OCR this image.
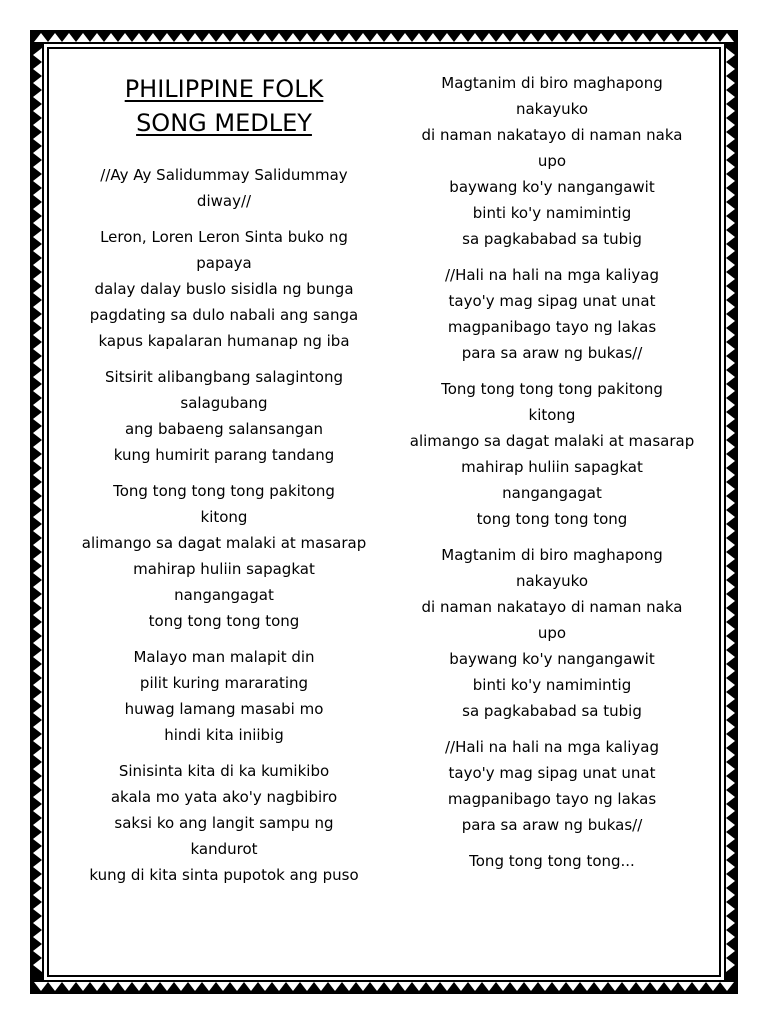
PHILIPPINE FOLK
SONG MEDLEY
//Ay Ay Salidummay Salidummay
diway//
Leron, Loren Leron Sinta buko ng
papaya
dalay dalay buslo sisidla ng bunga
pagdating sa dulo nabali ang sanga
kapus kapalaran humanap ng iba
Sitsirit alibangbang salagintong
salagubang
ang babaeng salansangan
kung humirit parang tandang
Tong tong tong tong pakitong
kitong
alimango sa dagat malaki at masarap
mahirap huliin sapagkat
nangangagat
tong tong tong tong
Malayo man malapit din
pilit kuring mararating
huwag lamang masabi mo
hindi kita iniibig
Sinisinta kita di ka kumikibo
akala mo yata ako'y nagbibiro
saksi ko ang langit sampu ng
kandurot
kung di kita sinta pupotok ang puso
Magtanim di biro maghapong
nakayuko
di naman nakatayo di naman naka
upo
baywang ko'y nangangawit
binti ko'y namimintig
sa pagkababad sa tubig
//Hali na hali na mga kaliyag
tayo'y mag sipag unat unat
magpanibago tayo ng lakas
para sa araw ng bukas//
Tong tong tong tong pakitong
kitong
alimango sa dagat malaki at masarap
mahirap huliin sapagkat
nangangagat
tong tong tong tong
Magtanim di biro maghapong
nakayuko
di naman nakatayo di naman naka
upo
baywang ko'y nangangawit
binti ko'y namimintig
sa pagkababad sa tubig
//Hali na hali na mga kaliyag
tayo'y mag sipag unat unat
magpanibago tayo ng lakas
para sa araw ng bukas//
Tong tong tong tong...
